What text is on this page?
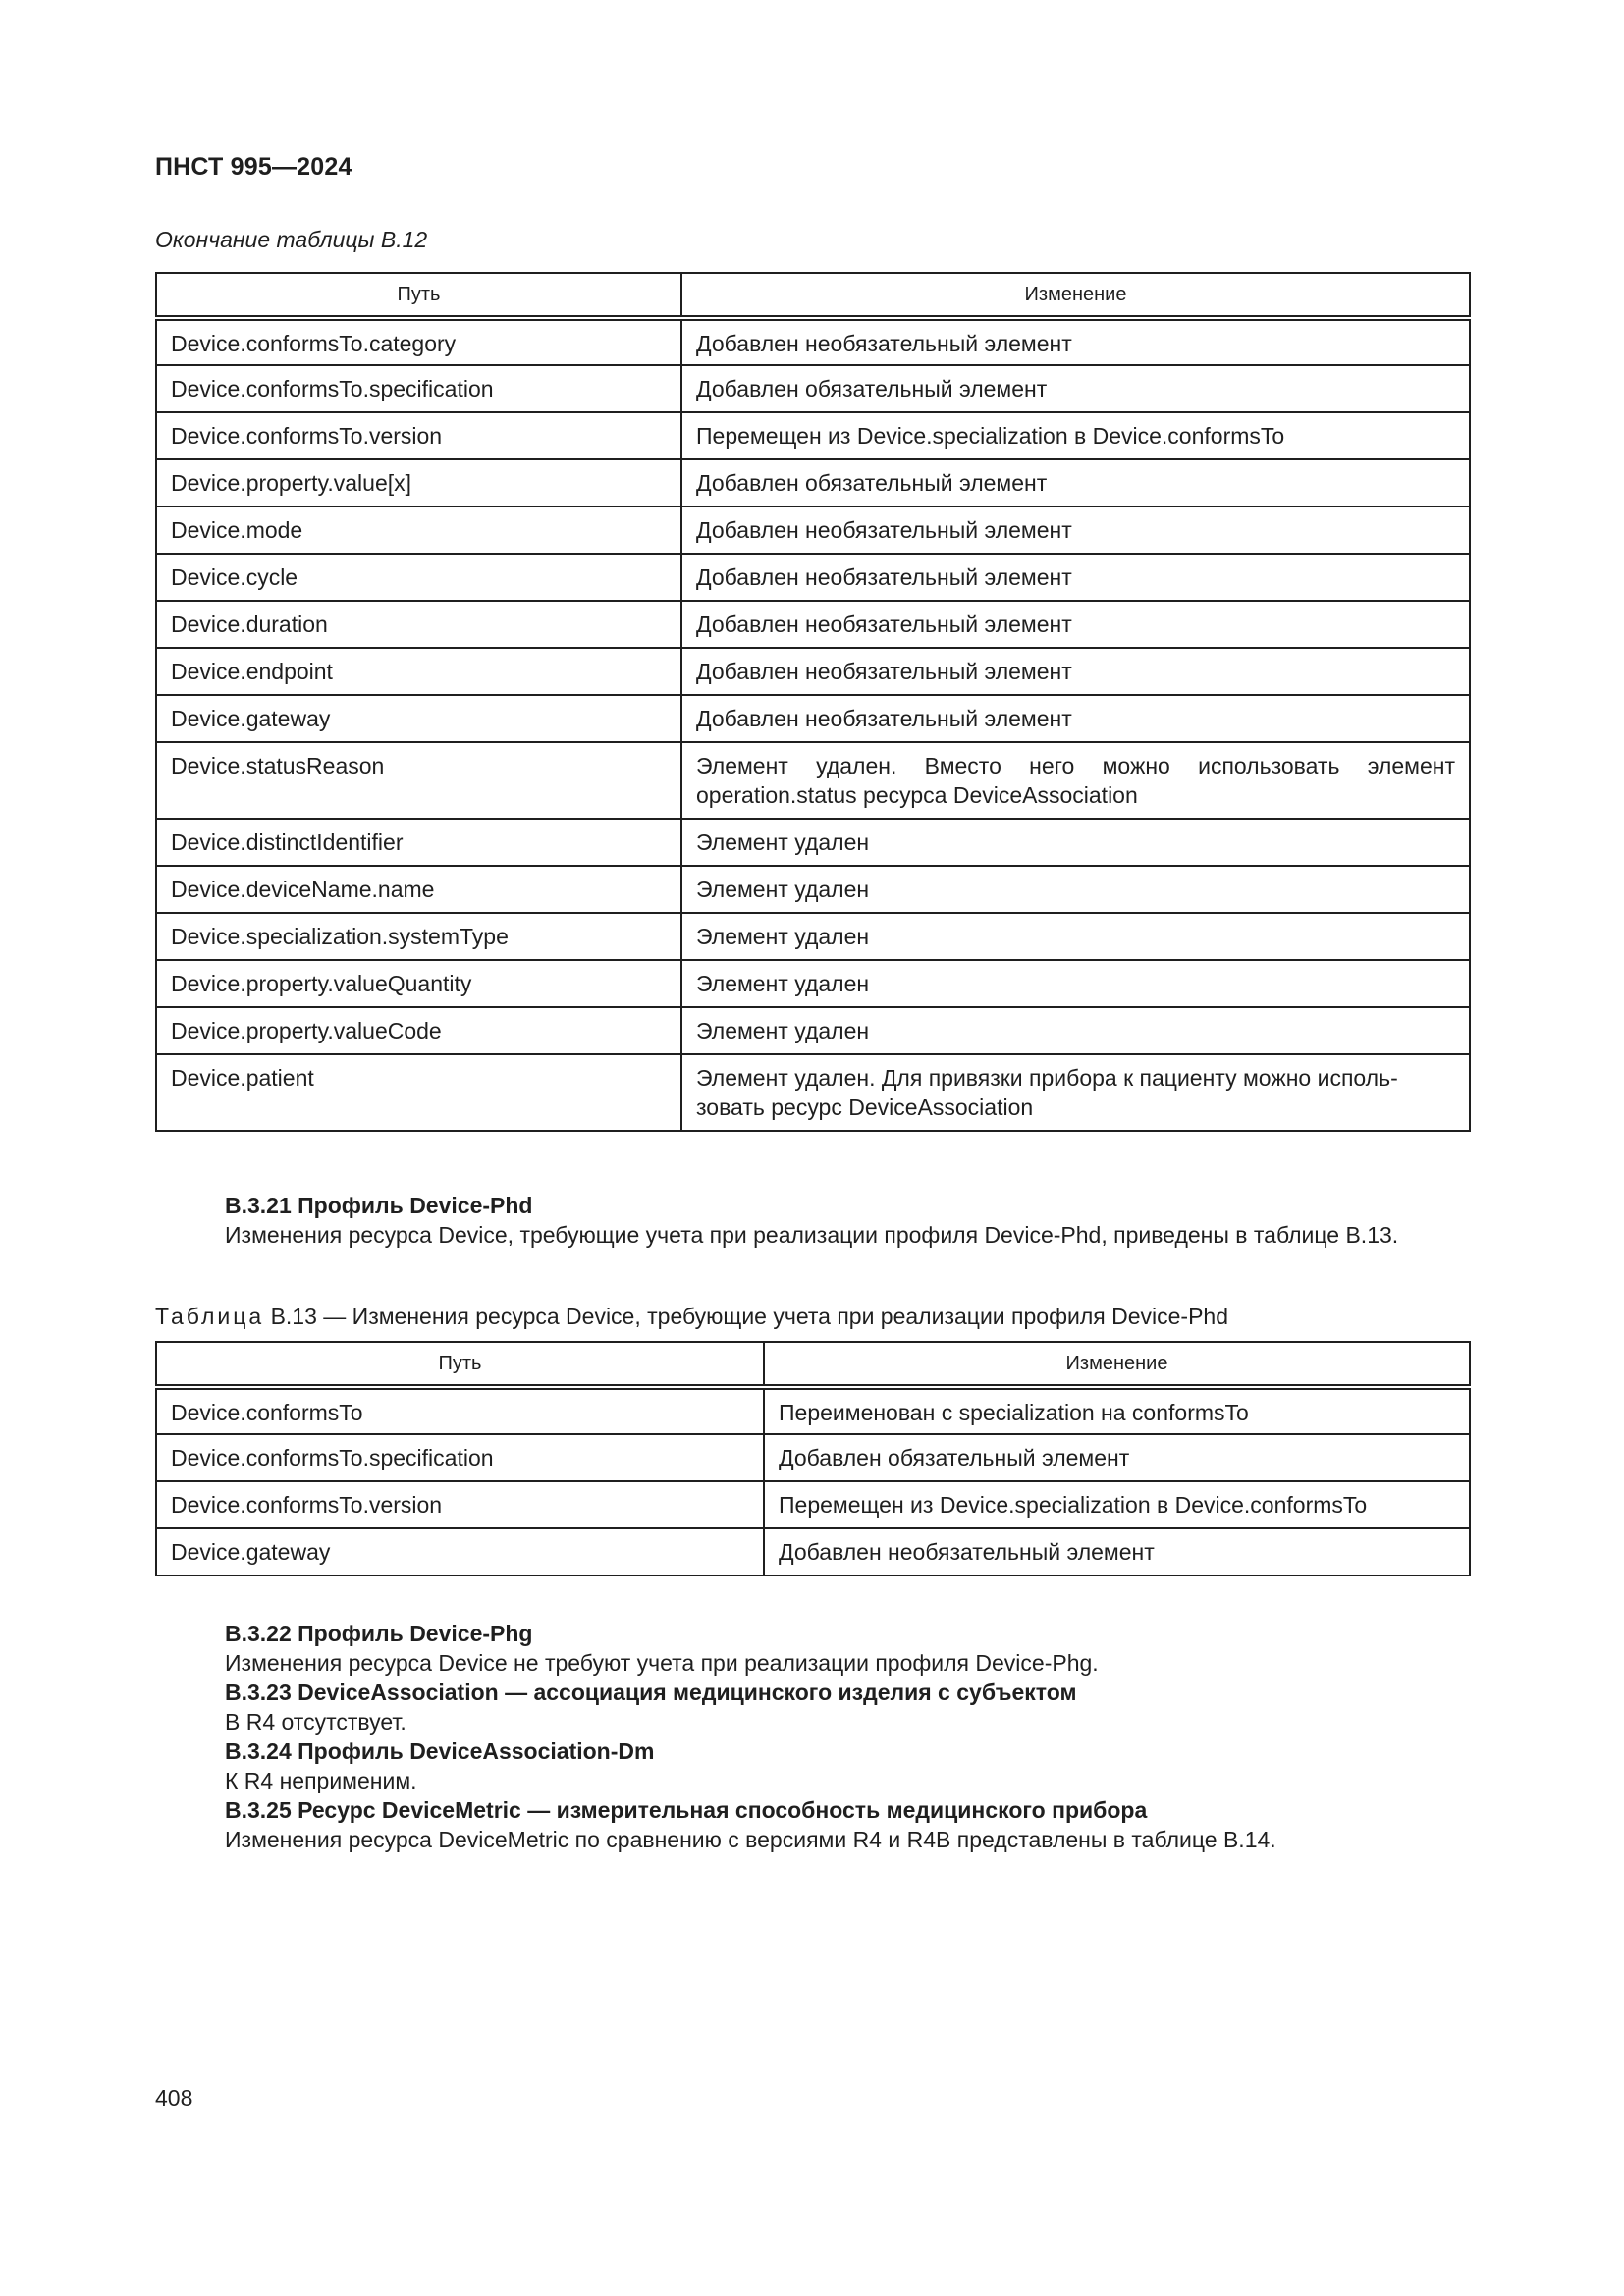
ПНСТ 995—2024
Окончание таблицы В.12
Путь	Изменение
Device.conformsTo.category	Добавлен необязательный элемент
Device.conformsTo.specification	Добавлен обязательный элемент
Device.conformsTo.version	Перемещен из Device.specialization в Device.conformsTo
Device.property.value[x]	Добавлен обязательный элемент
Device.mode	Добавлен необязательный элемент
Device.cycle	Добавлен необязательный элемент
Device.duration	Добавлен необязательный элемент
Device.endpoint	Добавлен необязательный элемент
Device.gateway	Добавлен необязательный элемент
Device.statusReason	Элемент удален. Вместо него можно использовать элемент operation.status ресурса DeviceAssociation
Device.distinctIdentifier	Элемент удален
Device.deviceName.name	Элемент удален
Device.specialization.systemType	Элемент удален
Device.property.valueQuantity	Элемент удален
Device.property.valueCode	Элемент удален
Device.patient	Элемент удален. Для привязки прибора к пациенту можно исполь-зовать ресурс DeviceAssociation
В.3.21 Профиль Device-Phd
Изменения ресурса Device, требующие учета при реализации профиля Device-Phd, приведены в таблице В.13.
Таблица В.13 — Изменения ресурса Device, требующие учета при реализации профиля Device-Phd
Путь	Изменение
Device.conformsTo	Переименован с specialization на conformsTo
Device.conformsTo.specification	Добавлен обязательный элемент
Device.conformsTo.version	Перемещен из Device.specialization в Device.conformsTo
Device.gateway	Добавлен необязательный элемент
В.3.22 Профиль Device-Phg
Изменения ресурса Device не требуют учета при реализации профиля Device-Phg.
В.3.23 DeviceAssociation — ассоциация медицинского изделия с субъектом
В R4 отсутствует.
В.3.24 Профиль DeviceAssociation-Dm
К R4 неприменим.
В.3.25 Ресурс DeviceMetric — измерительная способность медицинского прибора
Изменения ресурса DeviceMetric по сравнению с версиями R4 и R4B представлены в таблице В.14.
408
